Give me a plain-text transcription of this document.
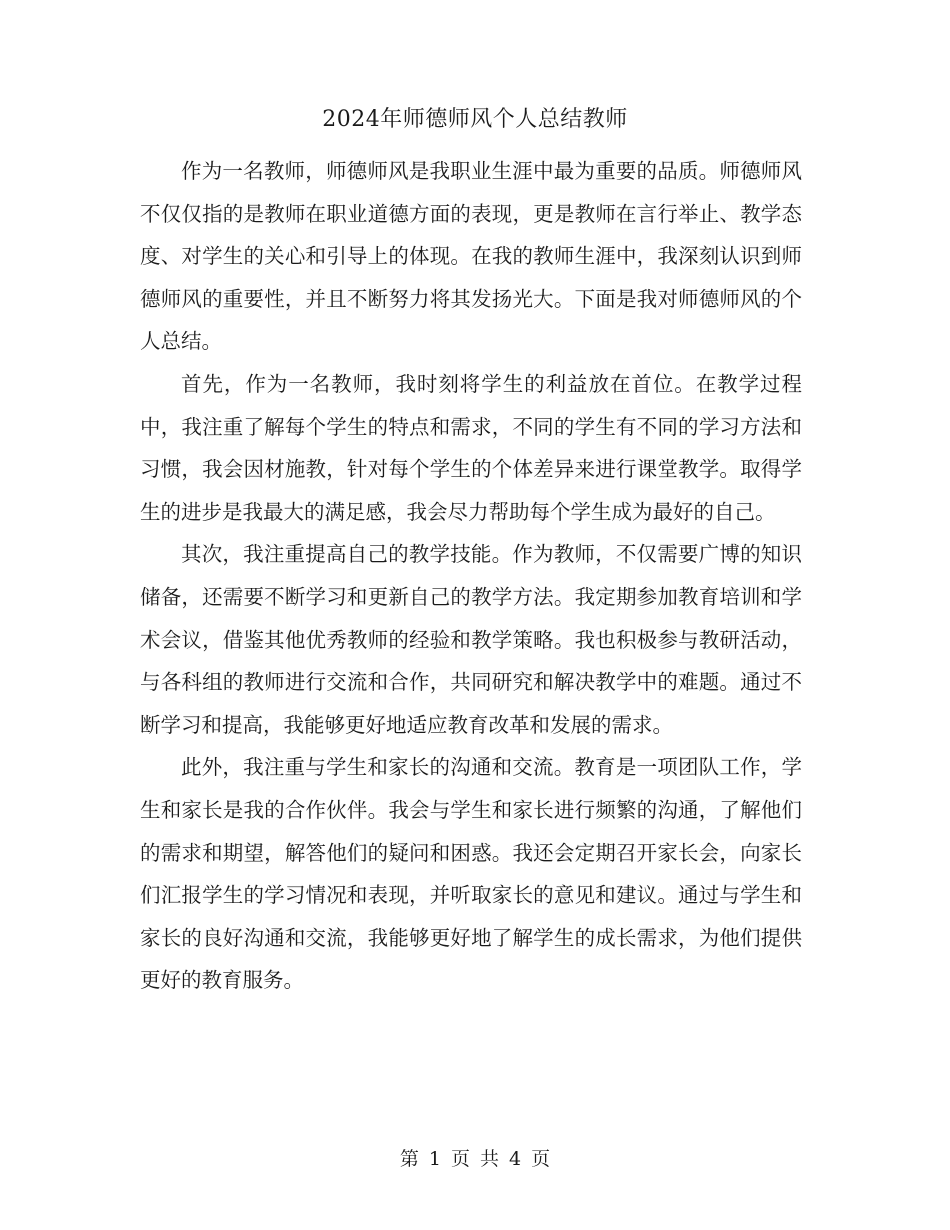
2024年师德师风个人总结教师

作为一名教师，师德师风是我职业生涯中最为重要的品质。师德师风不仅仅指的是教师在职业道德方面的表现，更是教师在言行举止、教学态度、对学生的关心和引导上的体现。在我的教师生涯中，我深刻认识到师德师风的重要性，并且不断努力将其发扬光大。下面是我对师德师风的个人总结。

首先，作为一名教师，我时刻将学生的利益放在首位。在教学过程中，我注重了解每个学生的特点和需求，不同的学生有不同的学习方法和习惯，我会因材施教，针对每个学生的个体差异来进行课堂教学。取得学生的进步是我最大的满足感，我会尽力帮助每个学生成为最好的自己。

其次，我注重提高自己的教学技能。作为教师，不仅需要广博的知识储备，还需要不断学习和更新自己的教学方法。我定期参加教育培训和学术会议，借鉴其他优秀教师的经验和教学策略。我也积极参与教研活动，与各科组的教师进行交流和合作，共同研究和解决教学中的难题。通过不断学习和提高，我能够更好地适应教育改革和发展的需求。

此外，我注重与学生和家长的沟通和交流。教育是一项团队工作，学生和家长是我的合作伙伴。我会与学生和家长进行频繁的沟通，了解他们的需求和期望，解答他们的疑问和困惑。我还会定期召开家长会，向家长们汇报学生的学习情况和表现，并听取家长的意见和建议。通过与学生和家长的良好沟通和交流，我能够更好地了解学生的成长需求，为他们提供更好的教育服务。

第 1 页 共 4 页
